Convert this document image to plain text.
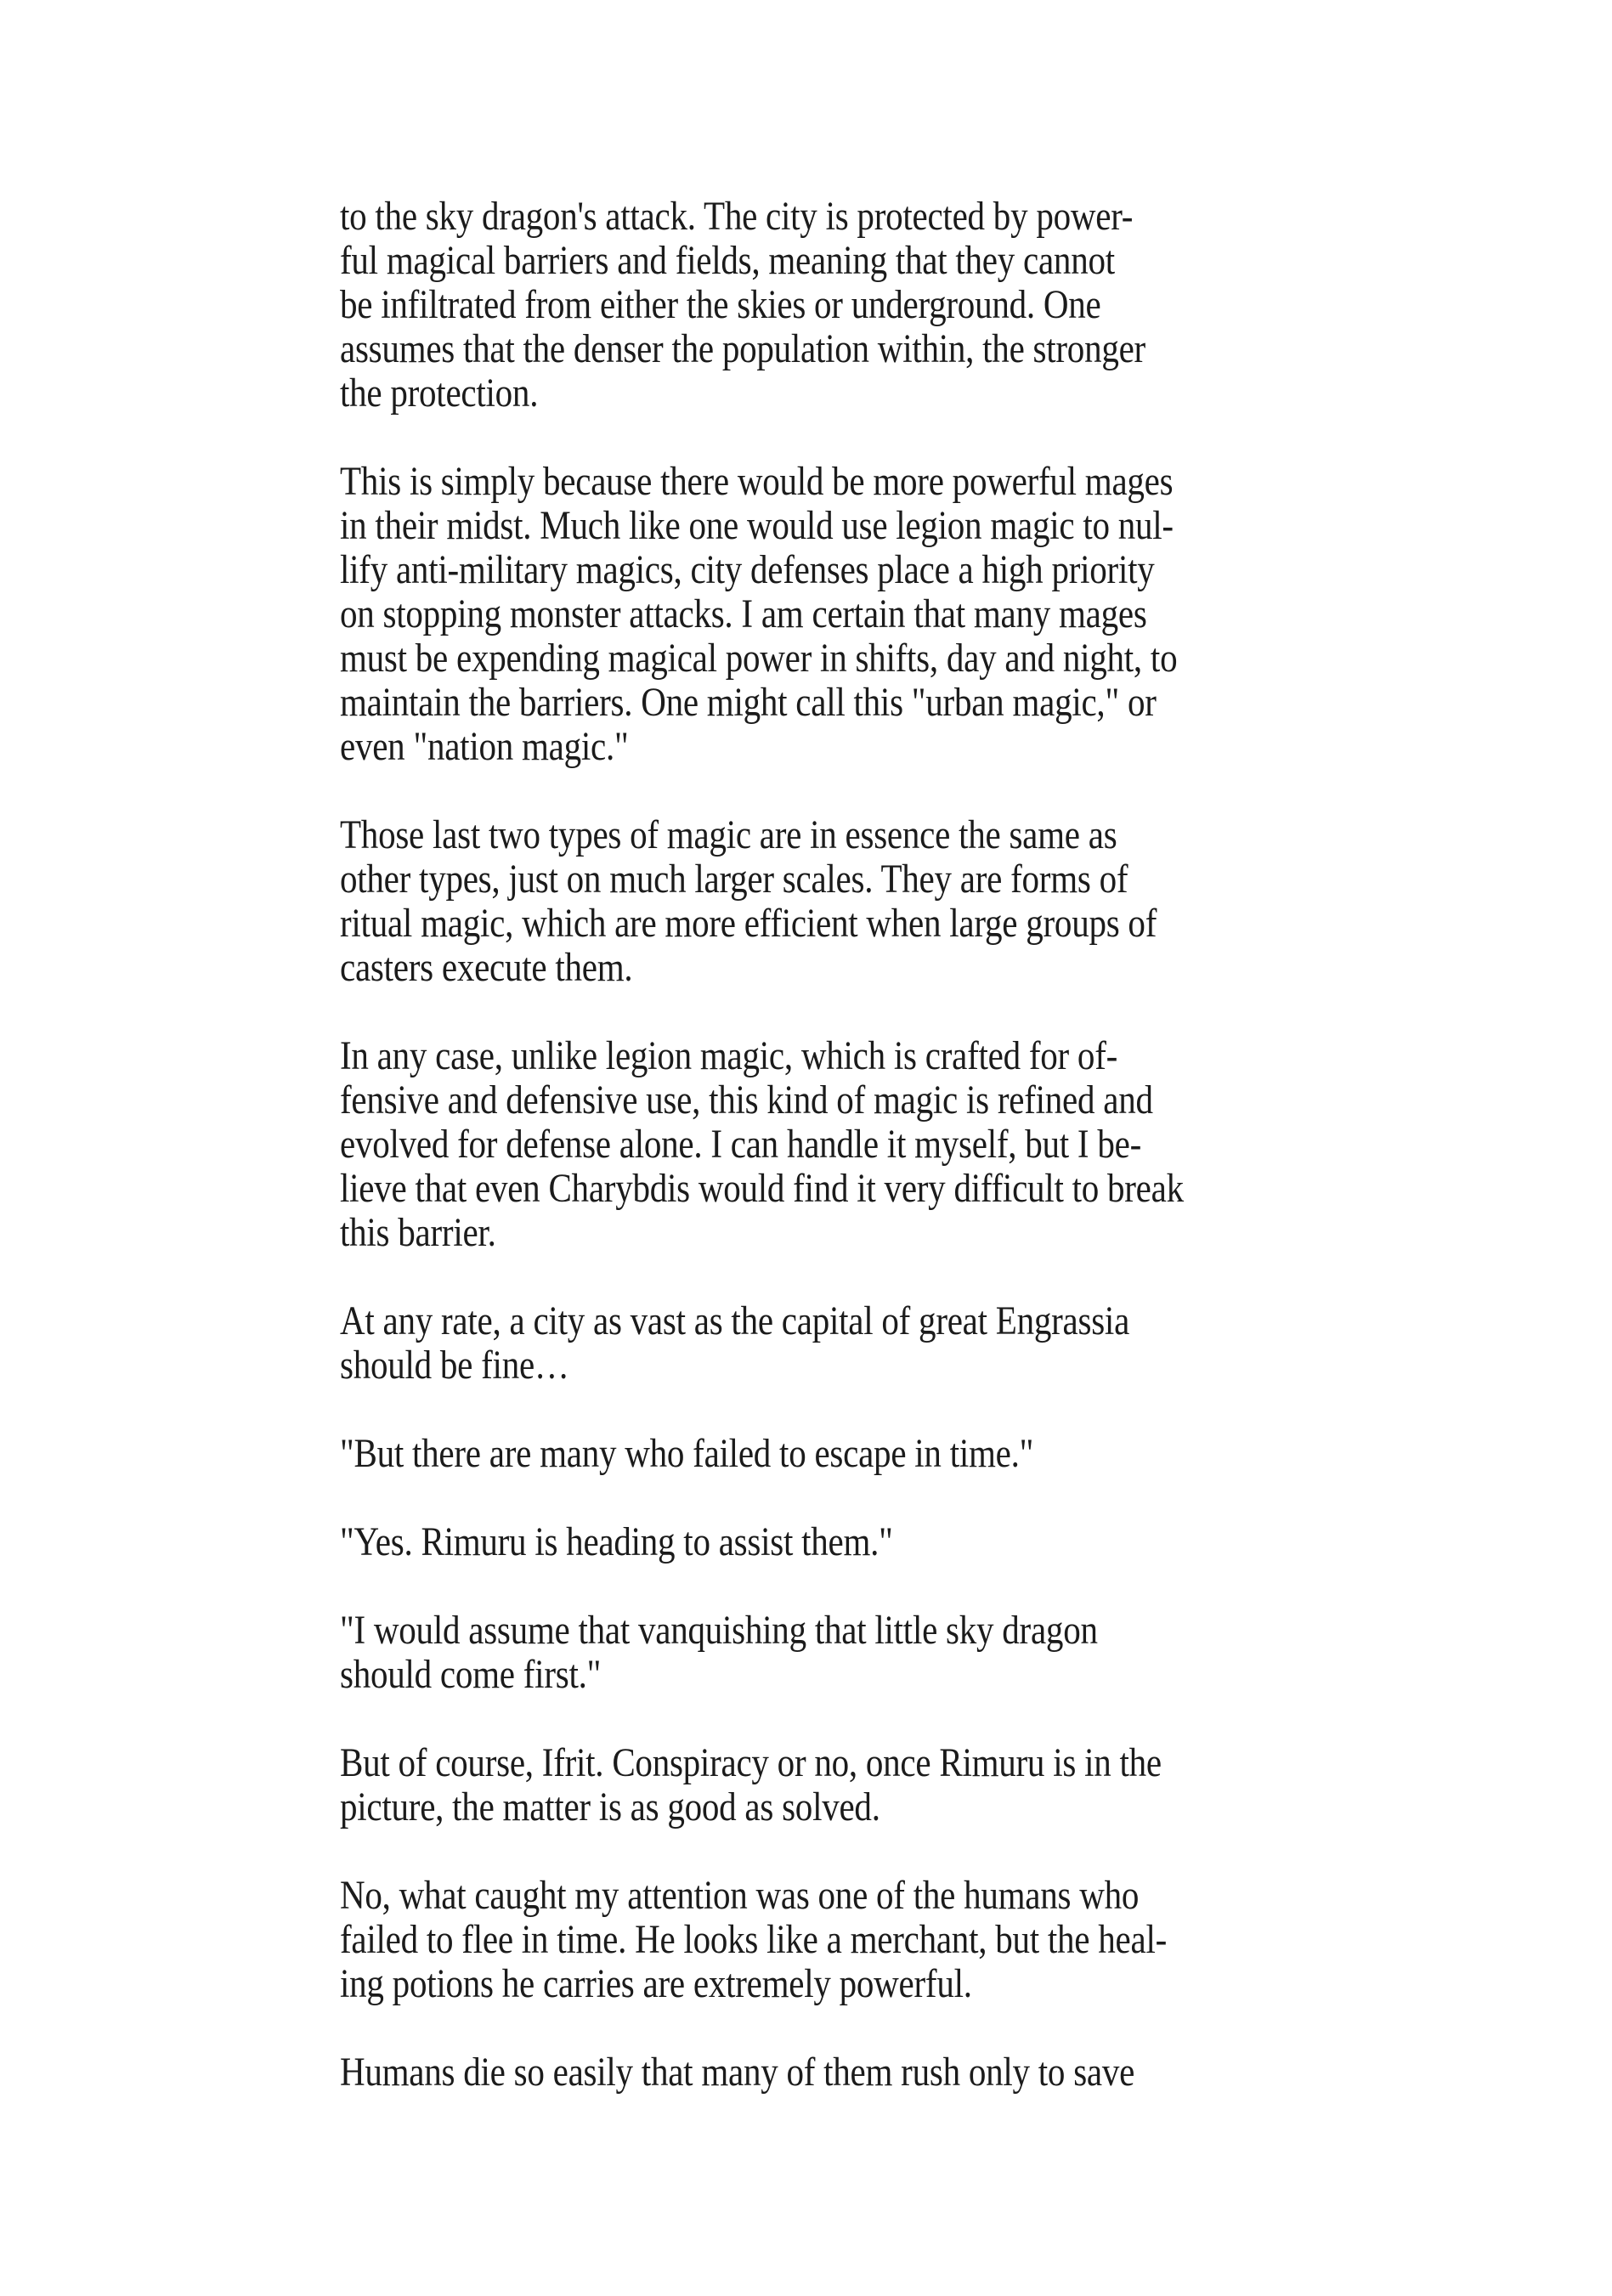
to the sky dragon's attack. The city is protected by power-
ful magical barriers and fields, meaning that they cannot
be infiltrated from either the skies or underground. One
assumes that the denser the population within, the stronger
the protection.

This is simply because there would be more powerful mages
in their midst. Much like one would use legion magic to nul-
lify anti-military magics, city defenses place a high priority
on stopping monster attacks. I am certain that many mages
must be expending magical power in shifts, day and night, to
maintain the barriers. One might call this "urban magic," or
even "nation magic."

Those last two types of magic are in essence the same as
other types, just on much larger scales. They are forms of
ritual magic, which are more efficient when large groups of
casters execute them.

In any case, unlike legion magic, which is crafted for of-
fensive and defensive use, this kind of magic is refined and
evolved for defense alone. I can handle it myself, but I be-
lieve that even Charybdis would find it very difficult to break
this barrier.

At any rate, a city as vast as the capital of great Engrassia
should be fine…

"But there are many who failed to escape in time."

"Yes. Rimuru is heading to assist them."

"I would assume that vanquishing that little sky dragon
should come first."

But of course, Ifrit. Conspiracy or no, once Rimuru is in the
picture, the matter is as good as solved.

No, what caught my attention was one of the humans who
failed to flee in time. He looks like a merchant, but the heal-
ing potions he carries are extremely powerful.

Humans die so easily that many of them rush only to save
